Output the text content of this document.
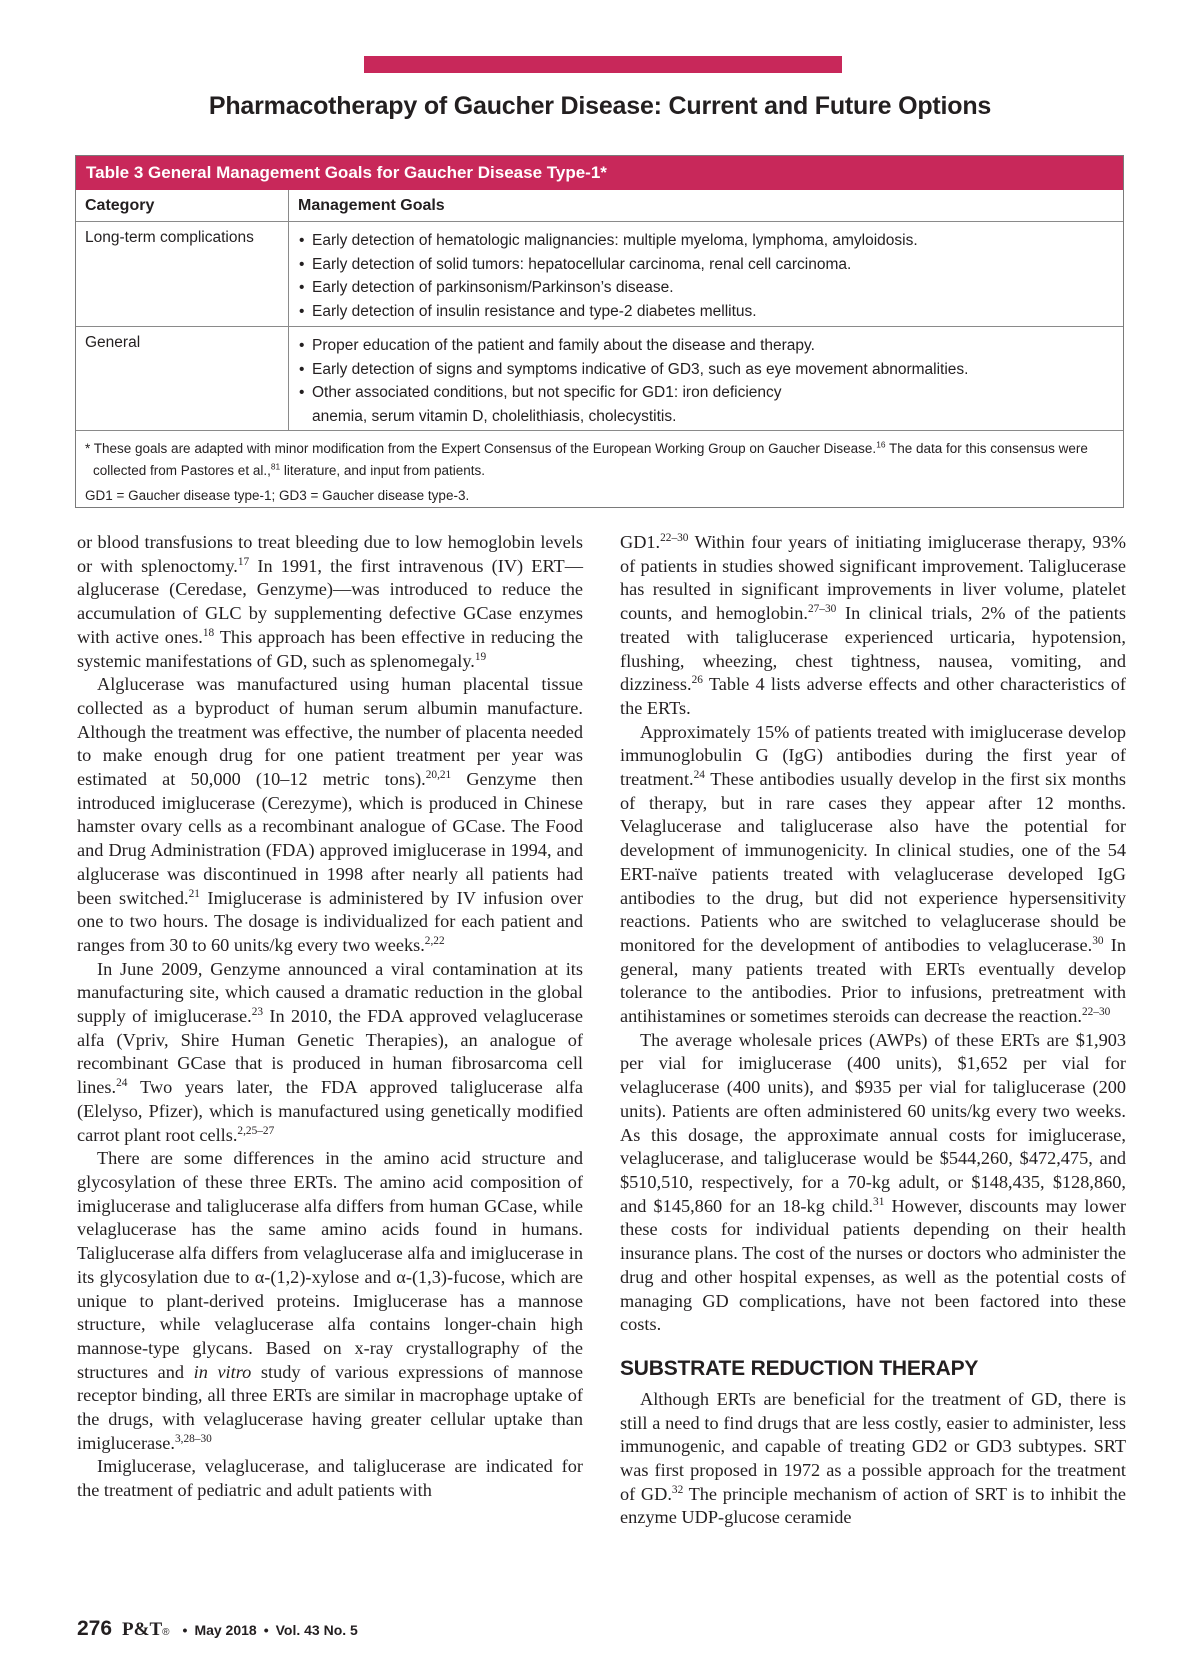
Pharmacotherapy of Gaucher Disease: Current and Future Options
Table 3 General Management Goals for Gaucher Disease Type-1*
Category	Management Goals
Long-term complications	• Early detection of hematologic malignancies: multiple myeloma, lymphoma, amyloidosis.
• Early detection of solid tumors: hepatocellular carcinoma, renal cell carcinoma.
• Early detection of parkinsonism/Parkinson’s disease.
• Early detection of insulin resistance and type-2 diabetes mellitus.
General	• Proper education of the patient and family about the disease and therapy.
• Early detection of signs and symptoms indicative of GD3, such as eye movement abnormalities.
• Other associated conditions, but not specific for GD1: iron deficiency anemia, serum vitamin D, cholelithiasis, cholecystitis.
* These goals are adapted with minor modification from the Expert Consensus of the European Working Group on Gaucher Disease.$^{16}$ The data for this consensus were collected from Pastores et al.,$^{81}$ literature, and input from patients.
GD1 = Gaucher disease type-1; GD3 = Gaucher disease type-3.

or blood transfusions to treat bleeding due to low hemoglobin levels or with splenoctomy.$^{17}$ In 1991, the first intravenous (IV) ERT—alglucerase (Ceredase, Genzyme)—was introduced to reduce the accumulation of GLC by supplementing defective GCase enzymes with active ones.$^{18}$ This approach has been effective in reducing the systemic manifestations of GD, such as splenomegaly.$^{19}$

Alglucerase was manufactured using human placental tissue collected as a byproduct of human serum albumin manufacture. Although the treatment was effective, the number of placenta needed to make enough drug for one patient treatment per year was estimated at 50,000 (10–12 metric tons).$^{20,21}$ Genzyme then introduced imiglucerase (Cerezyme), which is produced in Chinese hamster ovary cells as a recombinant analogue of GCase. The Food and Drug Administration (FDA) approved imiglucerase in 1994, and alglucerase was discontinued in 1998 after nearly all patients had been switched.$^{21}$ Imiglucerase is administered by IV infusion over one to two hours. The dosage is individualized for each patient and ranges from 30 to 60 units/kg every two weeks.$^{2,22}$

In June 2009, Genzyme announced a viral contamination at its manufacturing site, which caused a dramatic reduction in the global supply of imiglucerase.$^{23}$ In 2010, the FDA approved velaglucerase alfa (Vpriv, Shire Human Genetic Therapies), an analogue of recombinant GCase that is produced in human fibrosarcoma cell lines.$^{24}$ Two years later, the FDA approved taliglucerase alfa (Elelyso, Pfizer), which is manufactured using genetically modified carrot plant root cells.$^{2,25-27}$

There are some differences in the amino acid structure and glycosylation of these three ERTs. The amino acid composition of imiglucerase and taliglucerase alfa differs from human GCase, while velaglucerase has the same amino acids found in humans. Taliglucerase alfa differs from velaglucerase alfa and imiglucerase in its glycosylation due to α-(1,2)-xylose and α-(1,3)-fucose, which are unique to plant-derived proteins. Imiglucerase has a mannose structure, while velaglucerase alfa contains longer-chain high mannose-type glycans. Based on x-ray crystallography of the structures and in vitro study of various expressions of mannose receptor binding, all three ERTs are similar in macrophage uptake of the drugs, with velaglucerase having greater cellular uptake than imiglucerase.$^{3,28-30}$

Imiglucerase, velaglucerase, and taliglucerase are indicated for the treatment of pediatric and adult patients with

GD1.$^{22-30}$ Within four years of initiating imiglucerase therapy, 93% of patients in studies showed significant improvement. Taliglucerase has resulted in significant improvements in liver volume, platelet counts, and hemoglobin.$^{27-30}$ In clinical trials, 2% of the patients treated with taliglucerase experienced urticaria, hypotension, flushing, wheezing, chest tightness, nausea, vomiting, and dizziness.$^{26}$ Table 4 lists adverse effects and other characteristics of the ERTs.

Approximately 15% of patients treated with imiglucerase develop immunoglobulin G (IgG) antibodies during the first year of treatment.$^{24}$ These antibodies usually develop in the first six months of therapy, but in rare cases they appear after 12 months. Velaglucerase and taliglucerase also have the potential for development of immunogenicity. In clinical studies, one of the 54 ERT-naïve patients treated with velaglucerase developed IgG antibodies to the drug, but did not experience hypersensitivity reactions. Patients who are switched to velaglucerase should be monitored for the development of antibodies to velaglucerase.$^{30}$ In general, many patients treated with ERTs eventually develop tolerance to the antibodies. Prior to infusions, pretreatment with antihistamines or sometimes steroids can decrease the reaction.$^{22-30}$

The average wholesale prices (AWPs) of these ERTs are $1,903 per vial for imiglucerase (400 units), $1,652 per vial for velaglucerase (400 units), and $935 per vial for taliglucerase (200 units). Patients are often administered 60 units/kg every two weeks. As this dosage, the approximate annual costs for imiglucerase, velaglucerase, and taliglucerase would be $544,260, $472,475, and $510,510, respectively, for a 70-kg adult, or $148,435, $128,860, and $145,860 for an 18-kg child.$^{31}$ However, discounts may lower these costs for individual patients depending on their health insurance plans. The cost of the nurses or doctors who administer the drug and other hospital expenses, as well as the potential costs of managing GD complications, have not been factored into these costs.

SUBSTRATE REDUCTION THERAPY

Although ERTs are beneficial for the treatment of GD, there is still a need to find drugs that are less costly, easier to administer, less immunogenic, and capable of treating GD2 or GD3 subtypes. SRT was first proposed in 1972 as a possible approach for the treatment of GD.$^{32}$ The principle mechanism of action of SRT is to inhibit the enzyme UDP-glucose ceramide

276 P&T ® • May 2018 • Vol. 43 No. 5
